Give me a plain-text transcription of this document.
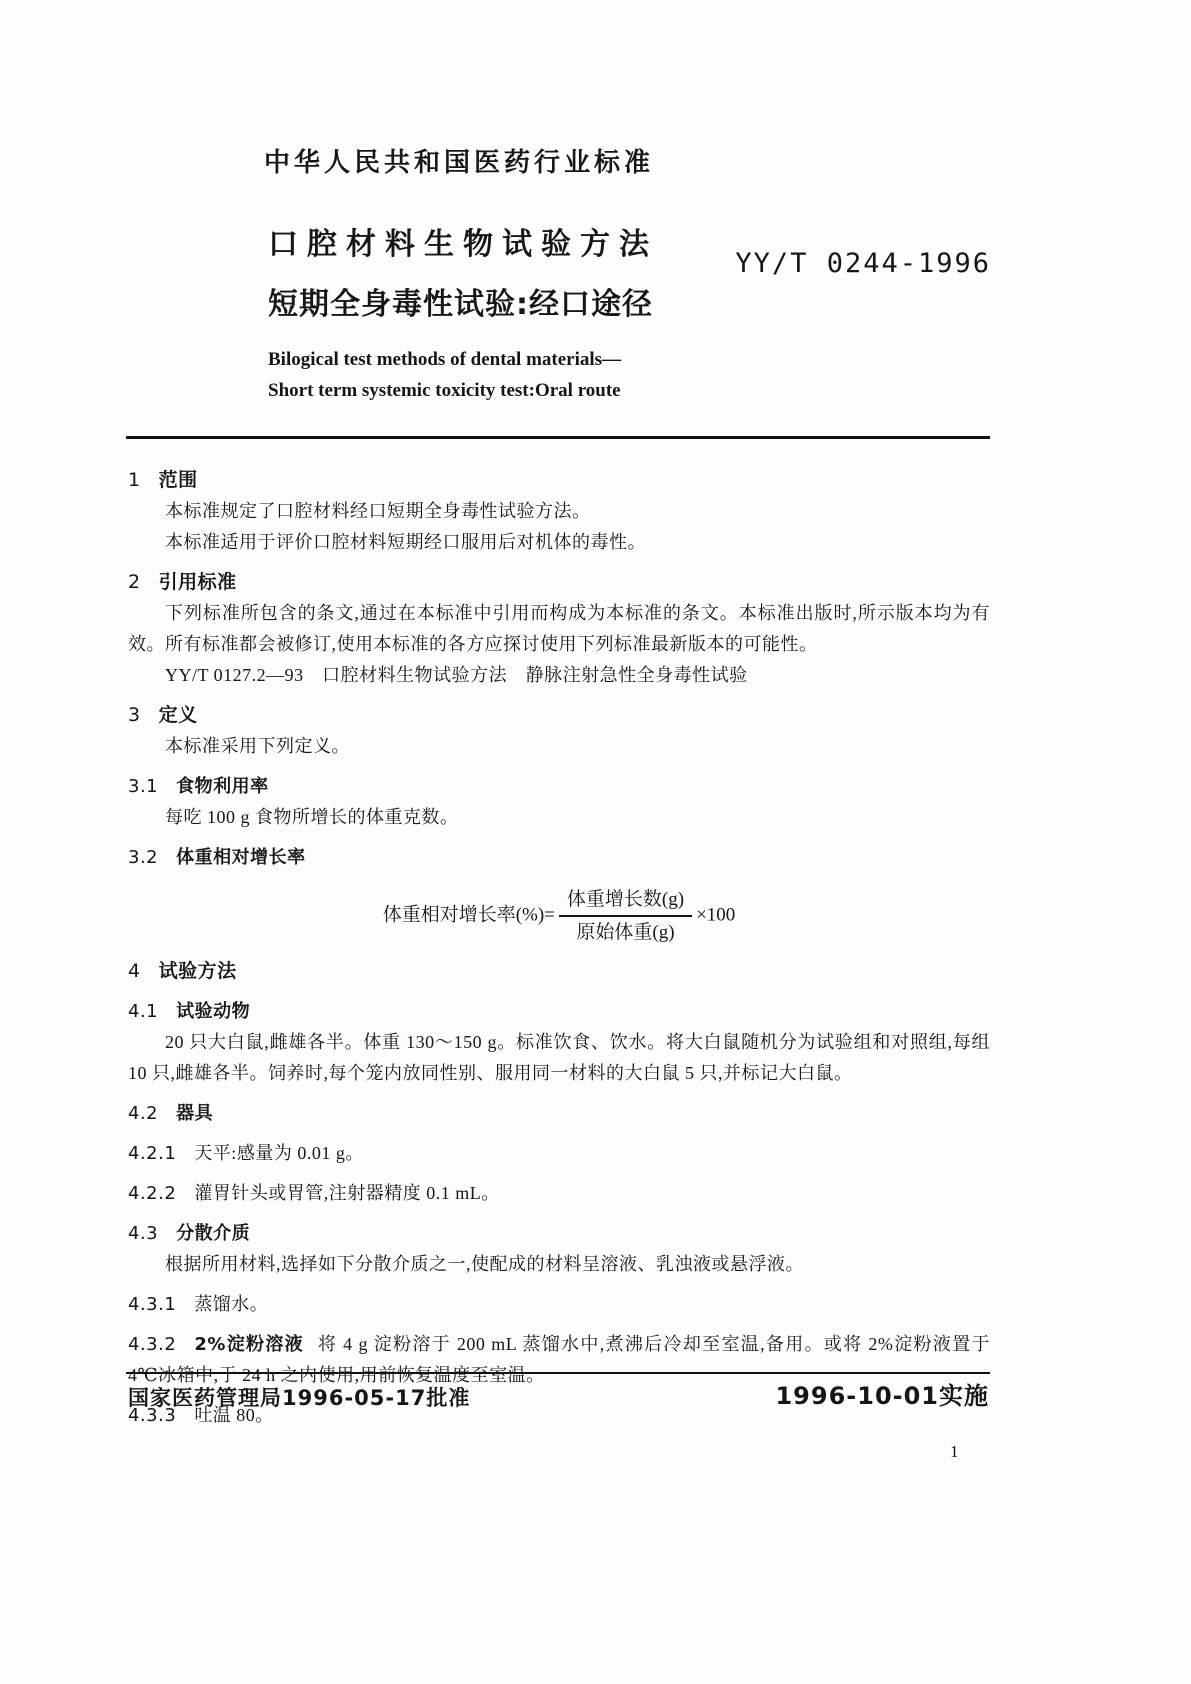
中华人民共和国医药行业标准
口腔材料生物试验方法
短期全身毒性试验:经口途径
Bilogical test methods of dental materials—
Short term systemic toxicity test:Oral route
YY/T 0244-1996
1 范围

本标准规定了口腔材料经口短期全身毒性试验方法。

本标准适用于评价口腔材料短期经口服用后对机体的毒性。

2 引用标准

下列标准所包含的条文,通过在本标准中引用而构成为本标准的条文。本标准出版时,所示版本均为有效。所有标准都会被修订,使用本标准的各方应探讨使用下列标准最新版本的可能性。

YY/T 0127.2—93　口腔材料生物试验方法　静脉注射急性全身毒性试验

3 定义

本标准采用下列定义。

3.1 食物利用率

每吃 100 g 食物所增长的体重克数。

3.2 体重相对增长率
体重相对增长率(%)= $\frac{\text{体重增长数(g)}}{\text{原始体重(g)}} \times 100$
4 试验方法
4.1 试验动物

20 只大白鼠,雌雄各半。体重 130～150 g。标准饮食、饮水。将大白鼠随机分为试验组和对照组,每组 10 只,雌雄各半。饲养时,每个笼内放同性别、服用同一材料的大白鼠 5 只,并标记大白鼠。

4.2 器具
4.2.1 天平:感量为 0.01 g。
4.2.2 灌胃针头或胃管,注射器精度 0.1 mL。
4.3 分散介质

根据所用材料,选择如下分散介质之一,使配成的材料呈溶液、乳浊液或悬浮液。

4.3.1 蒸馏水。
4.3.2 2%淀粉溶液 将 4 g 淀粉溶于 200 mL 蒸馏水中,煮沸后冷却至室温,备用。或将 2%淀粉液置于 4℃冰箱中,于 24 h 之内使用,用前恢复温度至室温。
4.3.3 吐温 80。
国家医药管理局1996-05-17批准	1996-10-01实施
1
